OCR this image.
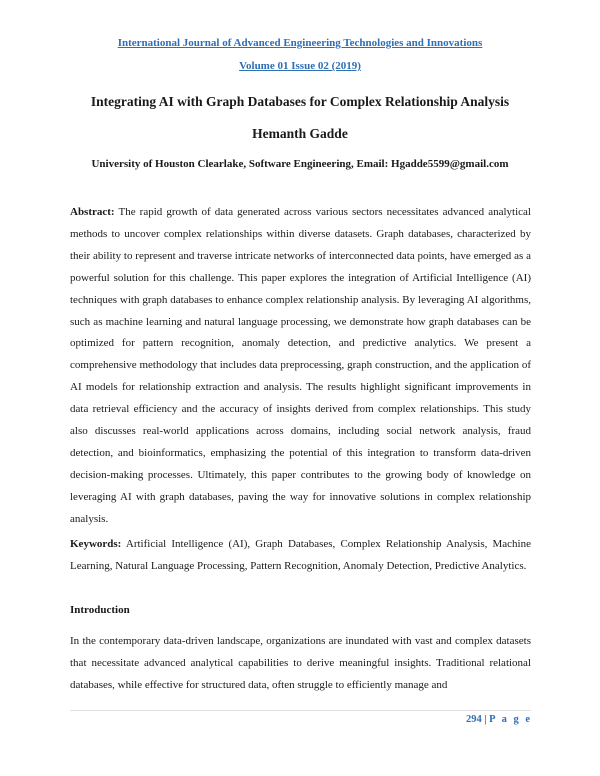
International Journal of Advanced Engineering Technologies and Innovations
Volume 01 Issue 02 (2019)
Integrating AI with Graph Databases for Complex Relationship Analysis
Hemanth Gadde
University of Houston Clearlake, Software Engineering, Email: Hgadde5599@gmail.com
Abstract: The rapid growth of data generated across various sectors necessitates advanced analytical methods to uncover complex relationships within diverse datasets. Graph databases, characterized by their ability to represent and traverse intricate networks of interconnected data points, have emerged as a powerful solution for this challenge. This paper explores the integration of Artificial Intelligence (AI) techniques with graph databases to enhance complex relationship analysis. By leveraging AI algorithms, such as machine learning and natural language processing, we demonstrate how graph databases can be optimized for pattern recognition, anomaly detection, and predictive analytics. We present a comprehensive methodology that includes data preprocessing, graph construction, and the application of AI models for relationship extraction and analysis. The results highlight significant improvements in data retrieval efficiency and the accuracy of insights derived from complex relationships. This study also discusses real-world applications across domains, including social network analysis, fraud detection, and bioinformatics, emphasizing the potential of this integration to transform data-driven decision-making processes. Ultimately, this paper contributes to the growing body of knowledge on leveraging AI with graph databases, paving the way for innovative solutions in complex relationship analysis.
Keywords: Artificial Intelligence (AI), Graph Databases, Complex Relationship Analysis, Machine Learning, Natural Language Processing, Pattern Recognition, Anomaly Detection, Predictive Analytics.
Introduction
In the contemporary data-driven landscape, organizations are inundated with vast and complex datasets that necessitate advanced analytical capabilities to derive meaningful insights. Traditional relational databases, while effective for structured data, often struggle to efficiently manage and
294 | P a g e
